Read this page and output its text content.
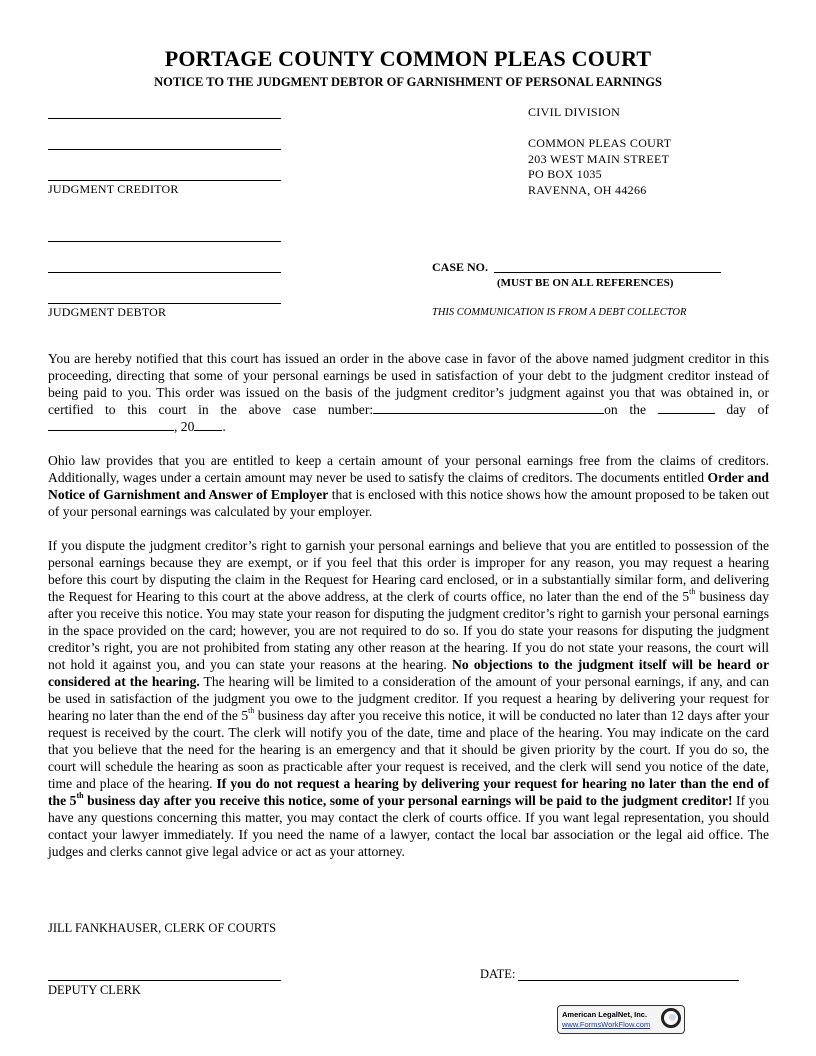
PORTAGE COUNTY COMMON PLEAS COURT
NOTICE TO THE JUDGMENT DEBTOR OF GARNISHMENT OF PERSONAL EARNINGS
JUDGMENT CREDITOR
JUDGMENT DEBTOR
CIVIL DIVISION
COMMON PLEAS COURT
203 WEST MAIN STREET
PO BOX 1035
RAVENNA, OH 44266
CASE NO.
(MUST BE ON ALL REFERENCES)
THIS COMMUNICATION IS FROM A DEBT COLLECTOR
You are hereby notified that this court has issued an order in the above case in favor of the above named judgment creditor in this proceeding, directing that some of your personal earnings be used in satisfaction of your debt to the judgment creditor instead of being paid to you. This order was issued on the basis of the judgment creditor’s judgment against you that was obtained in, or certified to this court in the above case number:	on the	day of , 20 .
Ohio law provides that you are entitled to keep a certain amount of your personal earnings free from the claims of creditors. Additionally, wages under a certain amount may never be used to satisfy the claims of creditors. The documents entitled Order and Notice of Garnishment and Answer of Employer that is enclosed with this notice shows how the amount proposed to be taken out of your personal earnings was calculated by your employer.
If you dispute the judgment creditor’s right to garnish your personal earnings and believe that you are entitled to possession of the personal earnings because they are exempt, or if you feel that this order is improper for any reason, you may request a hearing before this court by disputing the claim in the Request for Hearing card enclosed, or in a substantially similar form, and delivering the Request for Hearing to this court at the above address, at the clerk of courts office, no later than the end of the 5th business day after you receive this notice. You may state your reason for disputing the judgment creditor’s right to garnish your personal earnings in the space provided on the card; however, you are not required to do so. If you do state your reasons for disputing the judgment creditor’s right, you are not prohibited from stating any other reason at the hearing. If you do not state your reasons, the court will not hold it against you, and you can state your reasons at the hearing. No objections to the judgment itself will be heard or considered at the hearing. The hearing will be limited to a consideration of the amount of your personal earnings, if any, and can be used in satisfaction of the judgment you owe to the judgment creditor. If you request a hearing by delivering your request for hearing no later than the end of the 5th business day after you receive this notice, it will be conducted no later than 12 days after your request is received by the court. The clerk will notify you of the date, time and place of the hearing. You may indicate on the card that you believe that the need for the hearing is an emergency and that it should be given priority by the court. If you do so, the court will schedule the hearing as soon as practicable after your request is received, and the clerk will send you notice of the date, time and place of the hearing. If you do not request a hearing by delivering your request for hearing no later than the end of the 5th business day after you receive this notice, some of your personal earnings will be paid to the judgment creditor! If you have any questions concerning this matter, you may contact the clerk of courts office. If you want legal representation, you should contact your lawyer immediately. If you need the name of a lawyer, contact the local bar association or the legal aid office. The judges and clerks cannot give legal advice or act as your attorney.
JILL FANKHAUSER, CLERK OF COURTS
DEPUTY CLERK
DATE:
American LegalNet, Inc.
www.FormsWorkFlow.com
